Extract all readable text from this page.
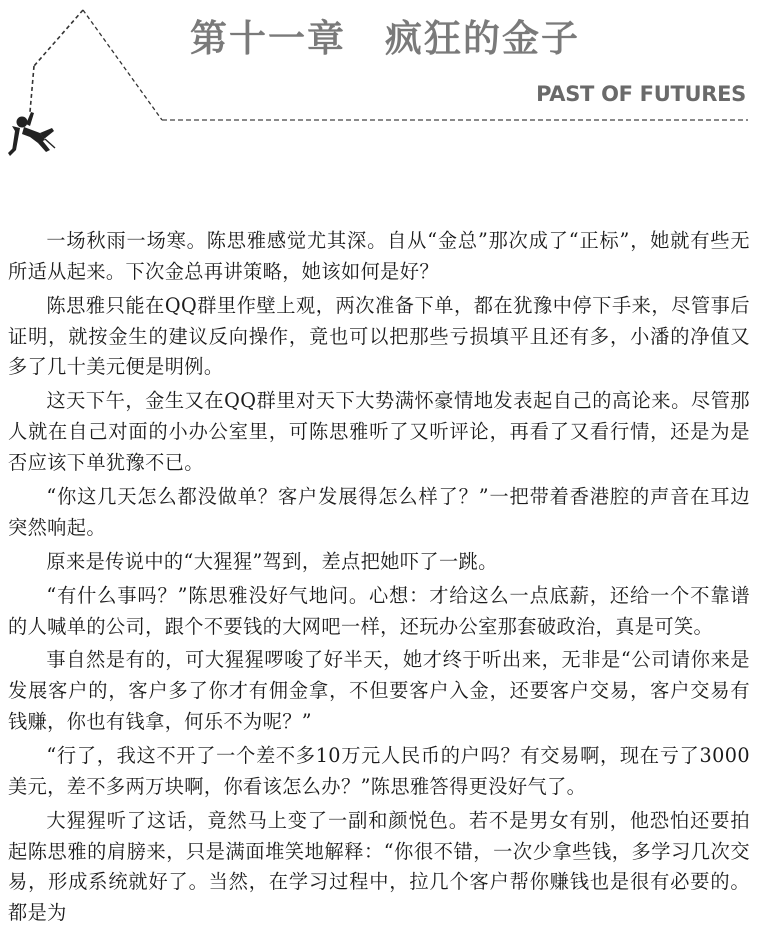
第十一章　疯狂的金子
PAST OF FUTURES

一场秋雨一场寒。陈思雅感觉尤其深。自从“金总”那次成了“正标”，她就有些无所适从起来。下次金总再讲策略，她该如何是好？

陈思雅只能在QQ群里作壁上观，两次准备下单，都在犹豫中停下手来，尽管事后证明，就按金生的建议反向操作，竟也可以把那些亏损填平且还有多，小潘的净值又多了几十美元便是明例。

这天下午，金生又在QQ群里对天下大势满怀豪情地发表起自己的高论来。尽管那人就在自己对面的小办公室里，可陈思雅听了又听评论，再看了又看行情，还是为是否应该下单犹豫不已。

“你这几天怎么都没做单？客户发展得怎么样了？”一把带着香港腔的声音在耳边突然响起。

原来是传说中的“大猩猩”驾到，差点把她吓了一跳。

“有什么事吗？”陈思雅没好气地问。心想：才给这么一点底薪，还给一个不靠谱的人喊单的公司，跟个不要钱的大网吧一样，还玩办公室那套破政治，真是可笑。

事自然是有的，可大猩猩啰唆了好半天，她才终于听出来，无非是“公司请你来是发展客户的，客户多了你才有佣金拿，不但要客户入金，还要客户交易，客户交易有钱赚，你也有钱拿，何乐不为呢？”

“行了，我这不开了一个差不多10万元人民币的户吗？有交易啊，现在亏了3000美元，差不多两万块啊，你看该怎么办？”陈思雅答得更没好气了。

大猩猩听了这话，竟然马上变了一副和颜悦色。若不是男女有别，他恐怕还要拍起陈思雅的肩膀来，只是满面堆笑地解释：“你很不错，一次少拿些钱，多学习几次交易，形成系统就好了。当然，在学习过程中，拉几个客户帮你赚钱也是很有必要的。都是为
